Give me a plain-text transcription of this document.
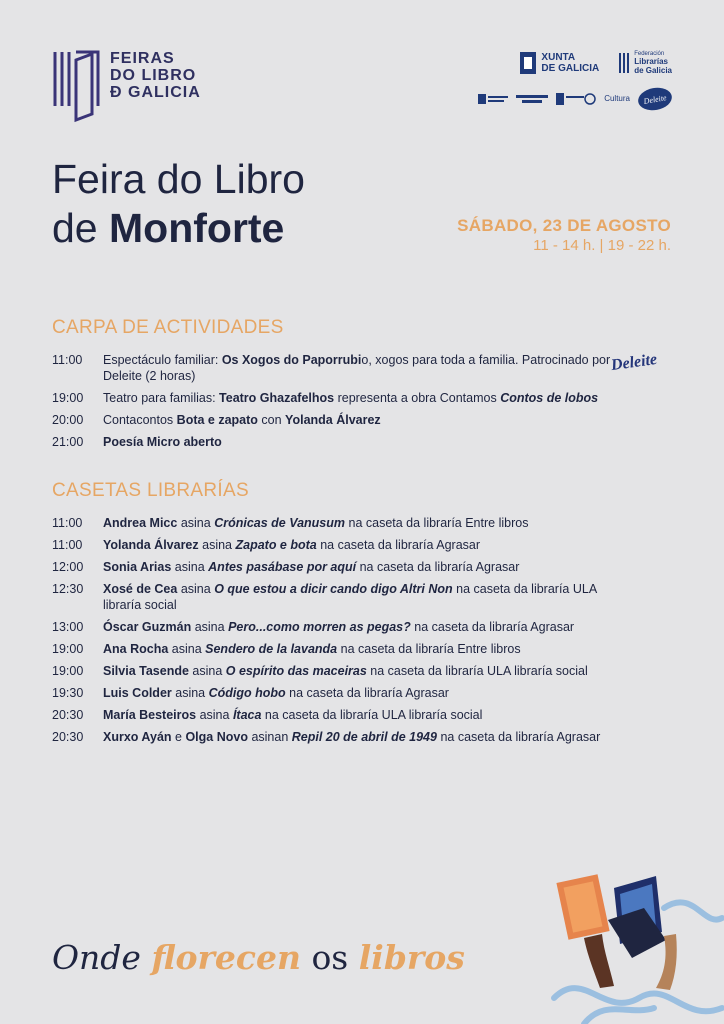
FEIRAS
DO LIBRO
Ð GALICIA
XUNTA
DE GALICIA
Federación
Librarías
de Galicia
Cultura	Deleite
Feira do Libro
de Monforte	SÁBADO, 23 DE AGOSTO
11 - 14 h. | 19 - 22 h.
CARPA DE ACTIVIDADES
11:00	Espectáculo familiar: Os Xogos do Paporrubio, xogos para toda a familia. Patrocinado por Deleite (2 horas)
19:00	Teatro para familias: Teatro Ghazafelhos representa a obra Contamos Contos de lobos
20:00	Contacontos Bota e zapato con Yolanda Álvarez
21:00	Poesía Micro aberto
Deleite
CASETAS LIBRARÍAS
11:00	Andrea Micc asina Crónicas de Vanusum na caseta da libraría Entre libros
11:00	Yolanda Álvarez asina Zapato e bota na caseta da libraría Agrasar
12:00	Sonia Arias asina Antes pasábase por aquí na caseta da libraría Agrasar
12:30	Xosé de Cea asina O que estou a dicir cando digo Altri Non na caseta da libraría ULA libraría social
13:00	Óscar Guzmán asina Pero...como morren as pegas? na caseta da libraría Agrasar
19:00	Ana Rocha asina Sendero de la lavanda na caseta da libraría Entre libros
19:00	Silvia Tasende asina O espírito das maceiras na caseta da libraría ULA libraría social
19:30	Luis Colder asina Código hobo na caseta da libraría Agrasar
20:30	María Besteiros asina Ítaca na caseta da libraría ULA libraría social
20:30	Xurxo Ayán e Olga Novo asinan Repil 20 de abril de 1949 na caseta da libraría Agrasar
Onde florecen os libros
